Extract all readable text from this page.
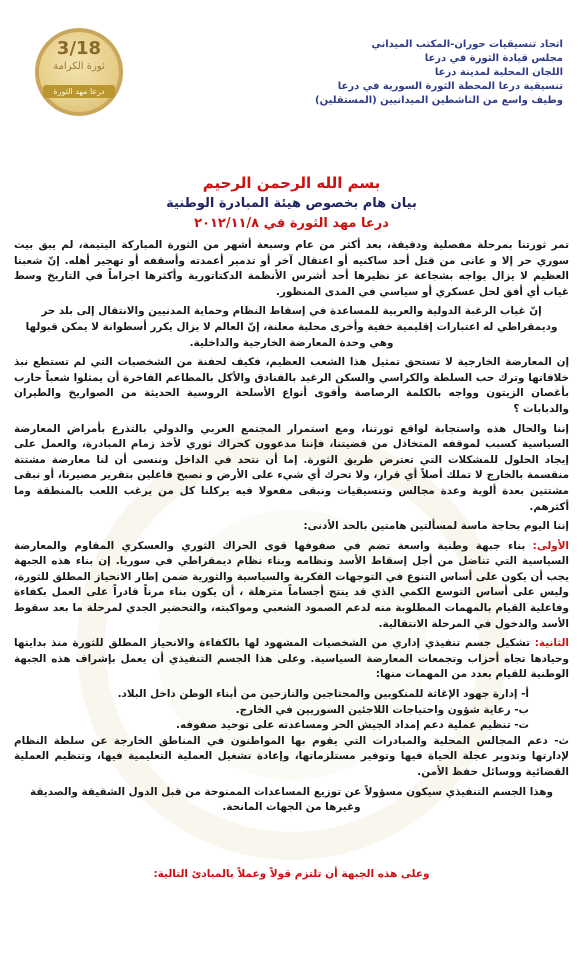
3/18
ثورة الكرامة
درعا مهد الثورة
اتحاد تنسيقيات حوران-المكتب الميداني
مجلس قيادة الثورة في درعا
اللجان المحلية لمدينة درعا
تنسيقية درعا المحطة الثورة السورية في درعا
وطيف واسع من الناشطين الميدانيين (المستقلين)
بسم الله الرحمن الرحيم
بيان هام بخصوص هيئة المبادرة الوطنية
درعا مهد الثورة في ٢٠١٢/١١/٨

تمر ثورتنا بمرحلة مفصلية ودقيقة، بعد أكثر من عام وسبعة أشهر من الثورة المباركة اليتيمة، لم يبق بيت سوري حر إلا و عانى من قتل أحد ساكنيه أو اعتقال آخر أو تدمير أعمدته وأسقفه أو تهجير أهله. إنّ شعبنا العظيم لا يزال يواجه بشجاعة عز نظيرها أحد أشرس الأنظمة الدكتاتورية وأكثرها اجراماً في التاريخ وسط غياب أي أفق لحل عسكري أو سياسي في المدى المنظور.

إنّ غياب الرغبة الدولية والعربية للمساعدة في إسقاط النظام وحماية المدنيين والانتقال إلى بلد حر وديمقراطي له اعتبارات إقليمية خفية وأخرى محلية معلنة، إنّ العالم لا يزال يكرر أسطوانة لا يمكن قبولها وهي وحدة المعارضة الخارجية والداخلية.

إن المعارضة الخارجية لا تستحق تمثيل هذا الشعب العظيم، فكيف لحفنة من الشخصيات التي لم تستطع نبذ خلافاتها وترك حب السلطة والكراسي والسكن الرغيد بالفنادق والأكل بالمطاعم الفاخرة أن يمثلوا شعباً حارب بأغصان الزيتون وواجه بالكلمة الرصاصة وأقوى أنواع الأسلحة الروسية الحديثة من الصواريخ والطيران والدبابات ؟

إننا والحال هذه واستجابة لواقع ثورتنا، ومع استمرار المجتمع العربي والدولي بالتذرع بأمراض المعارضة السياسية كسبب لموقفه المتخاذل من قضيتنا، فإننا مدعوون كحراك ثوري لأخذ زمام المبادرة، والعمل على إيجاد الحلول للمشكلات التي تعترض طريق الثورة. إما أن نتحد في الداخل وننسى أن لنا معارضة مشتتة منقسمة بالخارج لا تملك أصلاً أي قرار، ولا تحرك أي شيء على الأرض و نصبح فاعلين بتقرير مصيرنا، أو نبقى مشتتين بعدة ألوية وعدة مجالس وتنسيقيات ونبقى مفعولا فيه يركلنا كل من يرغب اللعب بالمنطقة وما أكثرهم.

إننا اليوم بحاجة ماسة لمسألتين هامتين بالحد الأدنى:

الأولى: بناء جبهة وطنية واسعة تضم في صفوفها قوى الحراك الثوري والعسكري المقاوم والمعارضة السياسية التي تناضل من أجل إسقاط الأسد ونظامه وبناء نظام ديمقراطي في سوريا. إن بناء هذه الجبهة يجب أن يكون على أساس التنوع في التوجهات الفكرية والسياسية والثورية ضمن إطار الانحياز المطلق للثورة، وليس على أساس التوسع الكمي الذي قد ينتج أجساماً مترهلة ، أن يكون بناء مرناً قادراً على العمل بكفاءة وفاعلية القيام بالمهمات المطلوبة منه لدعم الصمود الشعبي ومواكبته، والتحضير الجدي لمرحلة ما بعد سقوط الأسد والدخول في المرحلة الانتقالية.

الثانية: تشكيل جسم تنفيذي إداري من الشخصيات المشهود لها بالكفاءة والانحياز المطلق للثورة منذ بدايتها وحيادها تجاه أحزاب وتجمعات المعارضة السياسية. وعلى هذا الجسم التنفيذي أن يعمل بإشراف هذه الجبهة الوطنية للقيام بعدد من المهمات منها:

أ- إدارة جهود الإغاثة للمنكوبين والمحتاجين والنازحين من أبناء الوطن داخل البلاد.
ب- رعاية شؤون واحتياجات اللاجئين السوريين في الخارج.
ت- تنظيم عملية دعم إمداد الجيش الحر ومساعدته على توحيد صفوفه.
ث- دعم المجالس المحلية والمبادرات التي يقوم بها المواطنون في المناطق الخارجة عن سلطة النظام لإدارتها وتدوير عجلة الحياة فيها وتوفير مستلزماتها، وإعادة تشغيل العملية التعليمية فيها، وتنظيم العملية القضائية ووسائل حفظ الأمن.

وهذا الجسم التنفيذي سيكون مسؤولاً عن توزيع المساعدات الممنوحة من قبل الدول الشقيقة والصديقة وغيرها من الجهات المانحة.

وعلى هذه الجبهة أن تلتزم قولاً وعملاً بالمبادئ التالية:
